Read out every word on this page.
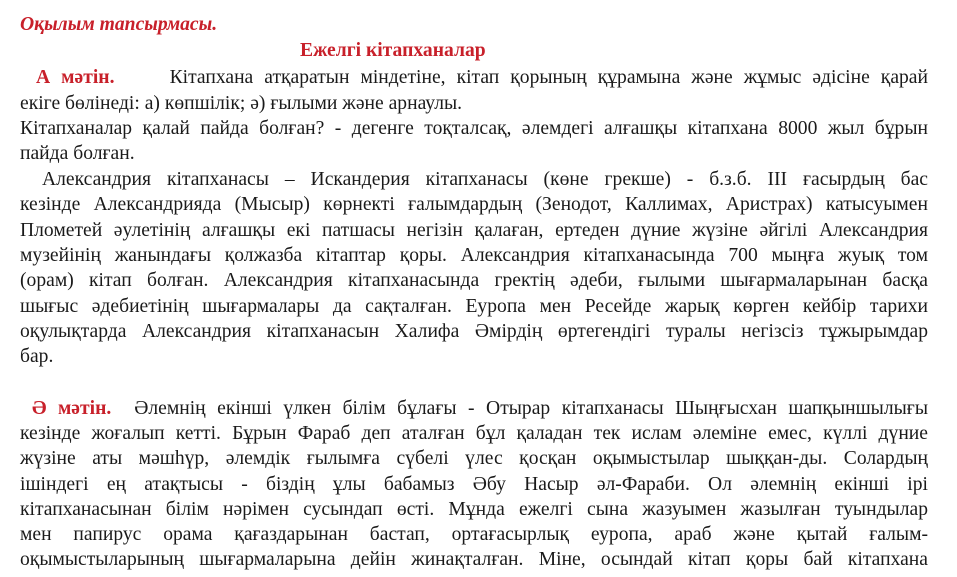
Оқылым тапсырмасы.
Ежелгі кітапханалар
А мәтін.	Кітапхана атқаратын міндетіне, кітап қорының құрамына және жұмыс әдісіне қарай
екіге бөлінеді: а) көпшілік; ә) ғылыми және арнаулы.
Кітапханалар қалай пайда болған? - дегенге тоқталсақ, әлемдегі алғашқы кітапхана 8000 жыл бұрын
пайда болған.
Александрия кітапханасы – Искандерия кітапханасы (көне грекше) - б.з.б. ІІІ ғасырдың бас
кезінде Александрияда (Мысыр) көрнекті ғалымдардың (Зенодот, Каллимах, Аристрах) катысуымен
Плометей әулетінің алғашқы екі патшасы негізін қалаған, ертеден дүние жүзіне әйгілі Александрия
музейінің жанындағы қолжазба кітаптар қоры. Александрия кітапханасында 700 мыңға жуық том
(орам) кітап болған. Александрия кітапханасында гректің әдеби, ғылыми шығармаларынан басқа
шығыс әдебиетінің шығармалары да сақталған. Еуропа мен Ресейде жарық көрген кейбір тарихи
оқулықтарда Александрия кітапханасын Халифа Әмірдің өртегендігі туралы негізсіз тұжырымдар
бар.
Ә мәтін. Әлемнің екінші үлкен білім бұлағы - Отырар кітапханасы Шыңғысхан шапқыншылығы
кезінде жоғалып кетті. Бұрын Фараб деп аталған бұл қаладан тек ислам әлеміне емес, күллі дүние
жүзіне аты мәшһүр, әлемдік ғылымға сүбелі үлес қосқан оқымыстылар шыққан-ды. Солардың
ішіндегі ең атақтысы - біздің ұлы бабамыз Әбу Насыр әл-Фараби. Ол әлемнің екінші ірі
кітапханасынан білім нәрімен сусындап өсті. Мұнда ежелгі сына жазуымен жазылған туындылар
мен папирус орама қағаздарынан бастап, ортағасырлық еуропа, араб және қытай ғалым-
оқымыстыларының шығармаларына дейін жинақталған. Міне, осындай кітап қоры бай кітапхана
